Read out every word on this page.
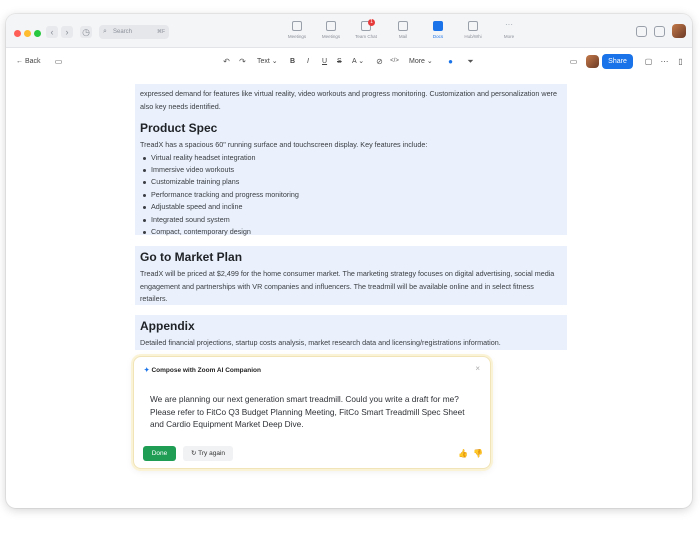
‹	›	◷ ⌕ Search	⌘F
Meetings	Meetings
1
Team Chat	Mail	Docs	Hub/Whi
···
More
← Back ▭	↶ ↷ Text ⌄ B I U S A ⌄ ⊘ </> More ⌄ ● ⏷	▭	Share	▢ ⋯ ▯
expressed demand for features like virtual reality, video workouts and progress monitoring. Customization and personalization were also key needs identified.
Product Spec
TreadX has a spacious 60" running surface and touchscreen display. Key features include:
Virtual reality headset integration
Immersive video workouts
Customizable training plans
Performance tracking and progress monitoring
Adjustable speed and incline
Integrated sound system
Compact, contemporary design
Go to Market Plan
TreadX will be priced at $2,499 for the home consumer market. The marketing strategy focuses on digital advertising, social media engagement and partnerships with VR companies and influencers. The treadmill will be available online and in select fitness retailers.
Appendix
Detailed financial projections, startup costs analysis, market research data and licensing/registrations information.
✦ Compose with Zoom AI Companion	×
We are planning our next generation smart treadmill. Could you write a draft for me? Please refer to FitCo Q3 Budget Planning Meeting, FitCo Smart Treadmill Spec Sheet and Cardio Equipment Market Deep Dive.
Done	↻ Try again	👍 👎
